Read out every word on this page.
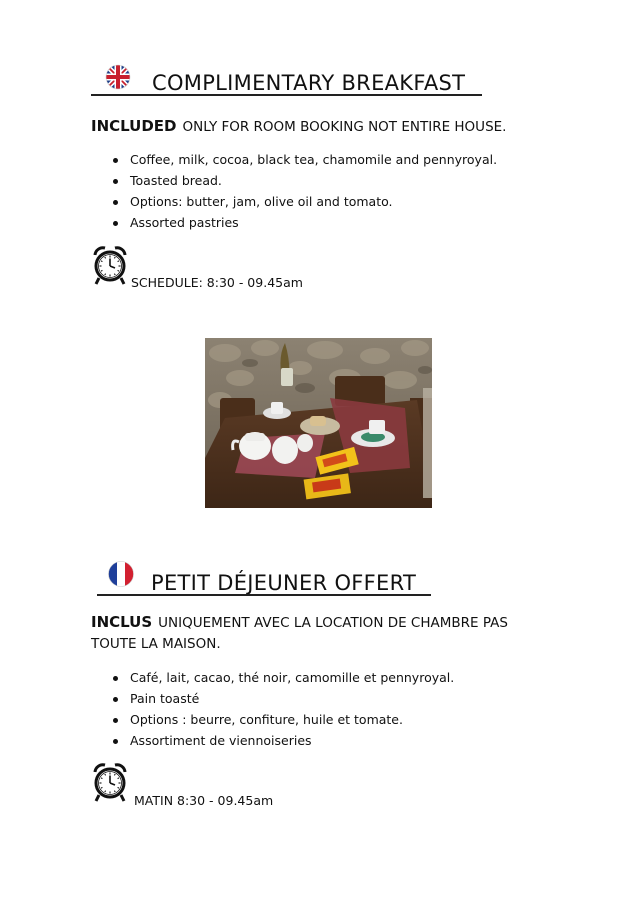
COMPLIMENTARY BREAKFAST
INCLUDED ONLY FOR ROOM BOOKING NOT ENTIRE HOUSE.
Coffee, milk, cocoa, black tea, chamomile and pennyroyal.
Toasted bread.
Options: butter, jam, olive oil and tomato.
Assorted pastries
SCHEDULE: 8:30 - 09.45am
PETIT DÉJEUNER OFFERT
INCLUS UNIQUEMENT AVEC LA LOCATION DE CHAMBRE PAS
TOUTE LA MAISON.
Café, lait, cacao, thé noir, camomille et pennyroyal.
Pain toasté
Options : beurre, confiture, huile et tomate.
Assortiment de viennoiseries
MATIN 8:30 - 09.45am
